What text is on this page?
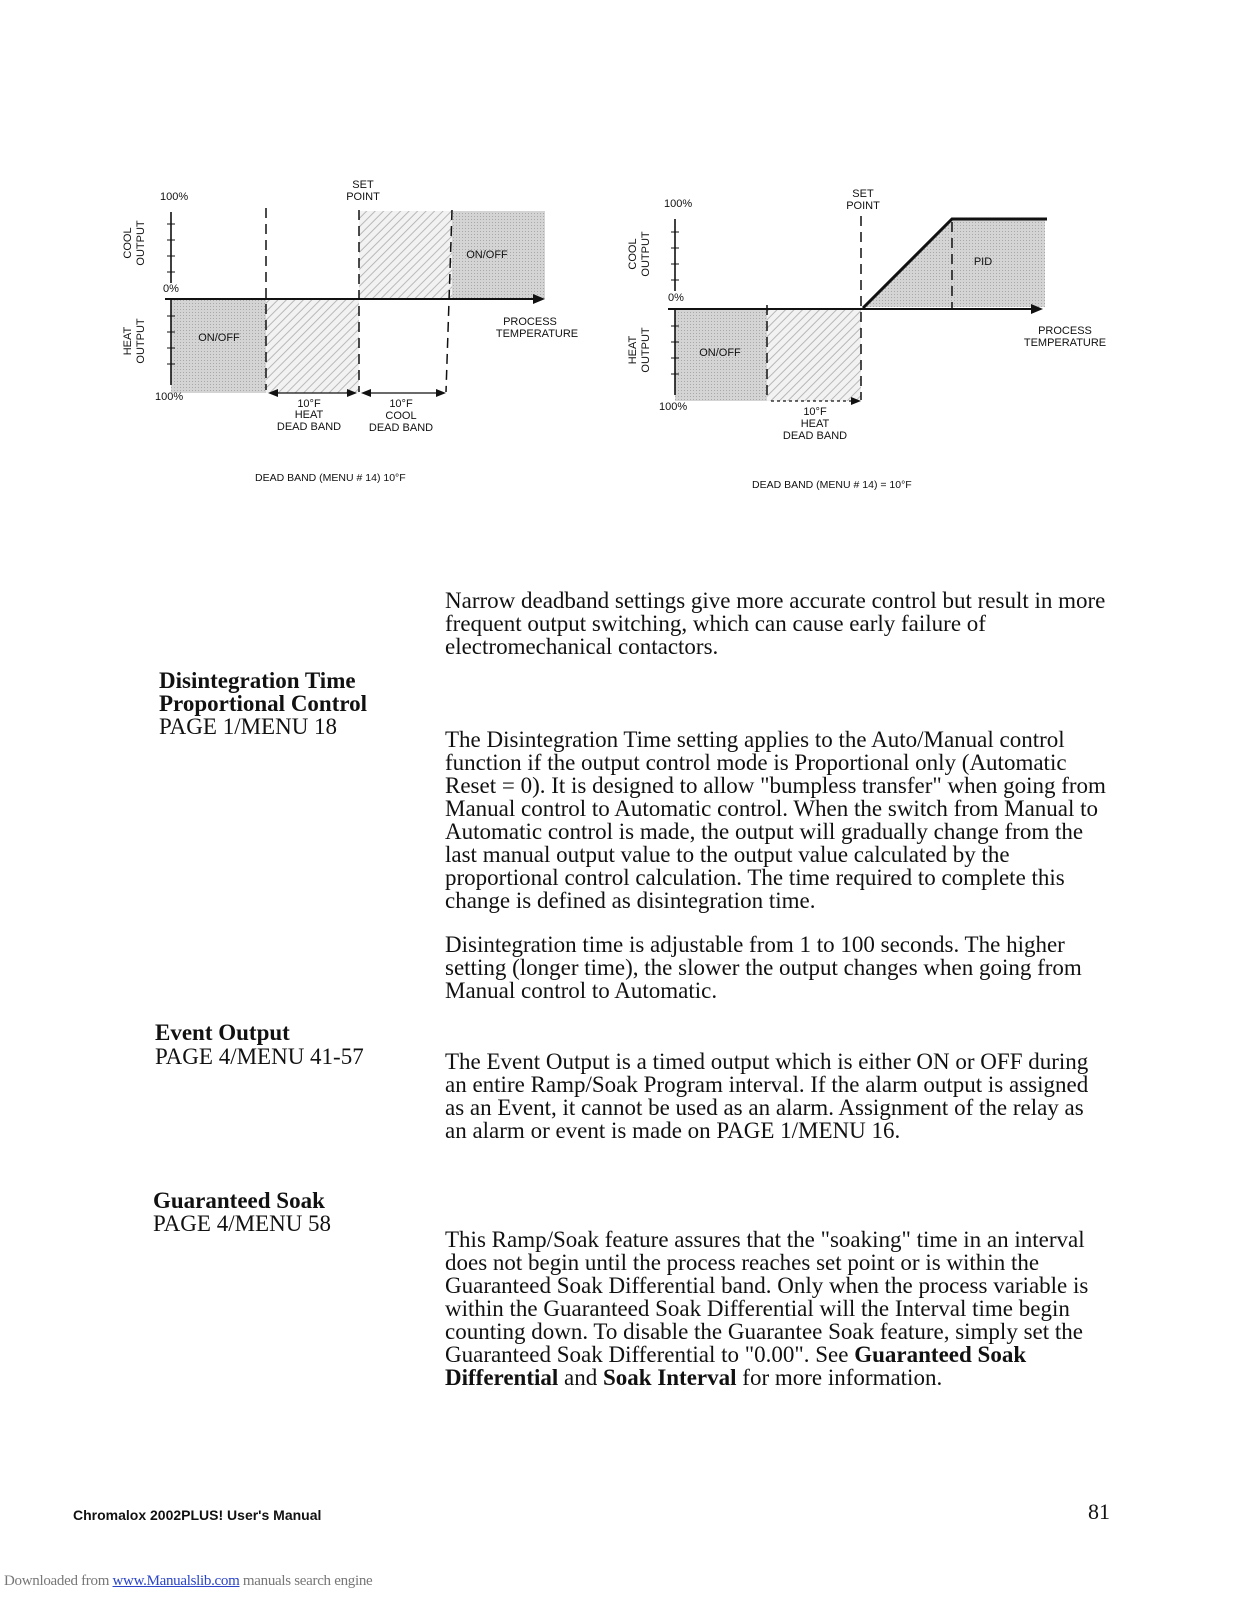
SET
POINT
100%
0%
100%
COOL OUTPUT
HEAT OUTPUT	ON/OFF
ON/OFF
PROCESS
TEMPERATURE
10°F
HEAT
DEAD BAND
10°F
COOL
DEAD BAND
DEAD BAND (MENU # 14) 10°F
SET
POINT
100%
0%
100%
COOL OUTPUT
HEAT OUTPUT	ON/OFF
PID
PROCESS
TEMPERATURE
10°F
HEAT
DEAD BAND
DEAD BAND (MENU # 14) = 10°F

Narrow deadband settings give more accurate control but result in more frequent output switching, which can cause early failure of electromechanical contactors.

Disintegration Time
Proportional Control
PAGE 1/MENU 18

The Disintegration Time setting applies to the Auto/Manual control function if the output control mode is Proportional only (Automatic Reset = 0). It is designed to allow "bumpless transfer" when going from Manual control to Automatic control. When the switch from Manual to Automatic control is made, the output will gradually change from the last manual output value to the output value calculated by the proportional control calculation. The time required to complete this change is defined as disintegration time.

Disintegration time is adjustable from 1 to 100 seconds. The higher setting (longer time), the slower the output changes when going from Manual control to Automatic.

Event Output
PAGE 4/MENU 41-57	The Event Output is a timed output which is either ON or OFF during an entire Ramp/Soak Program interval. If the alarm output is assigned as an Event, it cannot be used as an alarm. Assignment of the relay as an alarm or event is made on PAGE 1/MENU 16.

Guaranteed Soak
PAGE 4/MENU 58

This Ramp/Soak feature assures that the "soaking" time in an interval does not begin until the process reaches set point or is within the Guaranteed Soak Differential band. Only when the process variable is within the Guaranteed Soak Differential will the Interval time begin counting down. To disable the Guarantee Soak feature, simply set the Guaranteed Soak Differential to "0.00". See Guaranteed Soak Differential and Soak Interval for more information.

Chromalox 2002PLUS! User's Manual	81
Downloaded from www.Manualslib.com manuals search engine
